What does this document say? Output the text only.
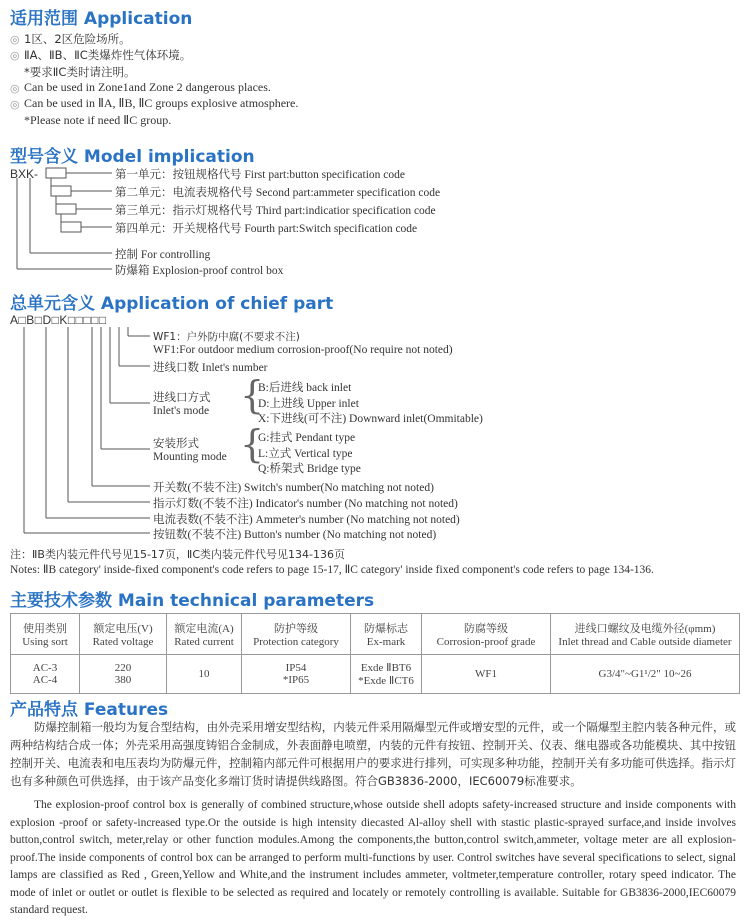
适用范围 Application
◎ 1区、2区危险场所。
◎ ⅡA、ⅡB、ⅡC类爆炸性气体环境。
*要求ⅡC类时请注明。
◎ Can be used in Zone1and Zone 2 dangerous places.
◎ Can be used in ⅡA, ⅡB, ⅡC groups explosive atmosphere.
*Please note if need ⅡC group.
型号含义 Model implication
BXK-	第一单元：按钮规格代号 First part:button specification code
第二单元：电流表规格代号 Second part:ammeter specification code
第三单元：指示灯规格代号 Third part:indicatior specification code
第四单元：开关规格代号 Fourth part:Switch specification code
控制 For controlling
防爆箱 Explosion-proof control box
总单元含义 Application of chief part
A□B□D□K□□□□□
WF1：户外防中腐(不要求不注)
WF1:For outdoor medium corrosion-proof(No require not noted)
进线口数 Inlet's number
进线口方式
Inlet's mode {
B:后进线 back inlet
D:上进线 Upper inlet
X:下进线(可不注) Downward inlet(Ommitable)
安装形式
Mounting mode {
G:挂式 Pendant type
L:立式 Vertical type
Q:桥架式 Bridge type
开关数(不装不注) Switch's number(No matching not noted)
指示灯数(不装不注) Indicator's number (No matching not noted)
电流表数(不装不注) Ammeter's number (No matching not noted)
按钮数(不装不注) Button's number (No matching not noted)
注：ⅡB类内装元件代号见15-17页，ⅡC类内装元件代号见134-136页
Notes: ⅡB category' inside-fixed component's code refers to page 15-17, ⅡC category' inside fixed component's code refers to page 134-136.
主要技术参数 Main technical parameters
使用类别
Using sort	额定电压(V)
Rated voltage	额定电流(A)
Rated current	防护等级
Protection category	防爆标志
Ex-mark	防腐等级
Corrosion-proof grade	进线口螺纹及电缆外径(φmm)
Inlet thread and Cable outside diameter
AC-3
AC-4	220
380	10	IP54
*IP65	Exde ⅡBT6
*Exde ⅡCT6	WF1	G3/4"~G1¹/2" 10~26
产品特点 Features
防爆控制箱一般均为复合型结构，由外壳采用增安型结构，内装元件采用隔爆型元件或增安型的元件，或一个隔爆型主腔内装各种元件，或两种结构结合成一体；外壳采用高强度铸铝合金制成，外表面静电喷塑，内装的元件有按钮、控制开关、仪表、继电器或各功能模块、其中按钮控制开关、电流表和电压表均为防爆元件，控制箱内部元件可根据用户的要求进行排列，可实现多种功能，控制开关有多功能可供选择。指示灯也有多种颜色可供选择，由于该产品变化多端订货时请提供线路图。符合GB3836-2000，IEC60079标准要求。
The explosion-proof control box is generally of combined structure,whose outside shell adopts safety-increased structure and inside components with explosion -proof or safety-increased type.Or the outside is high intensity diecasted Al-alloy shell with stastic plastic-sprayed surface,and inside involves button,control switch, meter,relay or other function modules.Among the components,the button,control switch,ammeter, voltage meter are all explosion-proof.The inside components of control box can be arranged to perform multi-functions by user. Control switches have several specifications to select, signal lamps are classified as Red , Green,Yellow and White,and the instrument includes ammeter, voltmeter,temperature controller, rotary speed indicator. The mode of inlet or outlet or outlet is flexible to be selected as required and locately or remotely controlling is available. Suitable for GB3836-2000,IEC60079 standard request.
